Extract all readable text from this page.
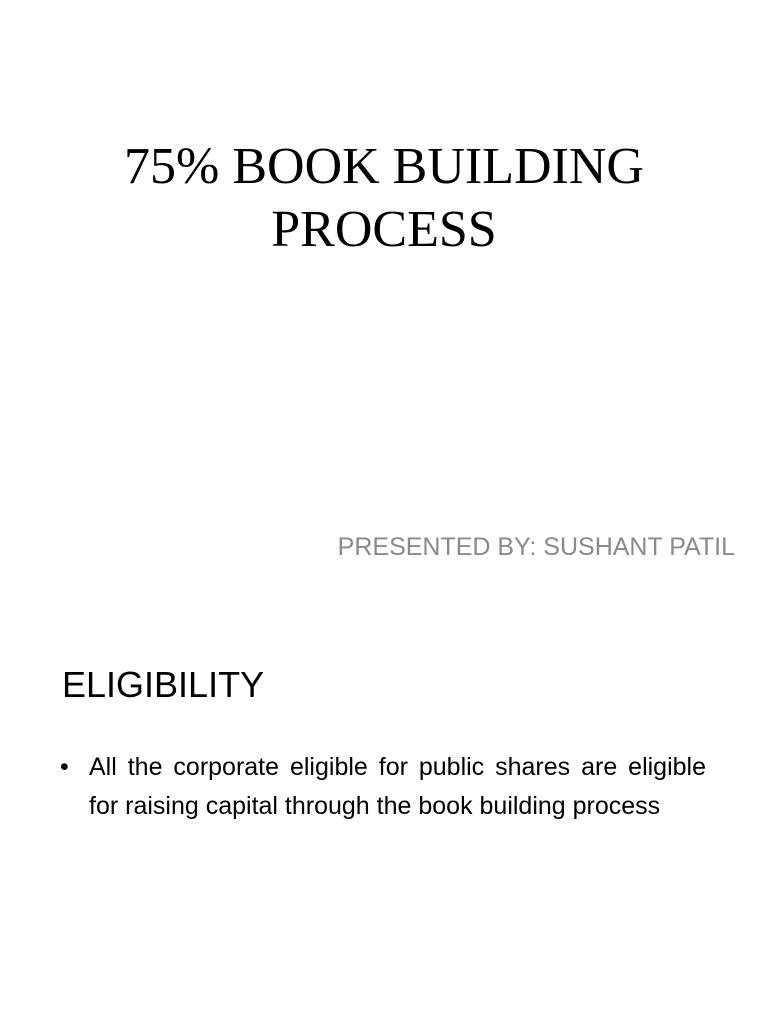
75% BOOK BUILDING
PROCESS
PRESENTED BY: SUSHANT PATIL
ELIGIBILITY
• All the corporate eligible for public shares are eligible for raising capital through the book building process
